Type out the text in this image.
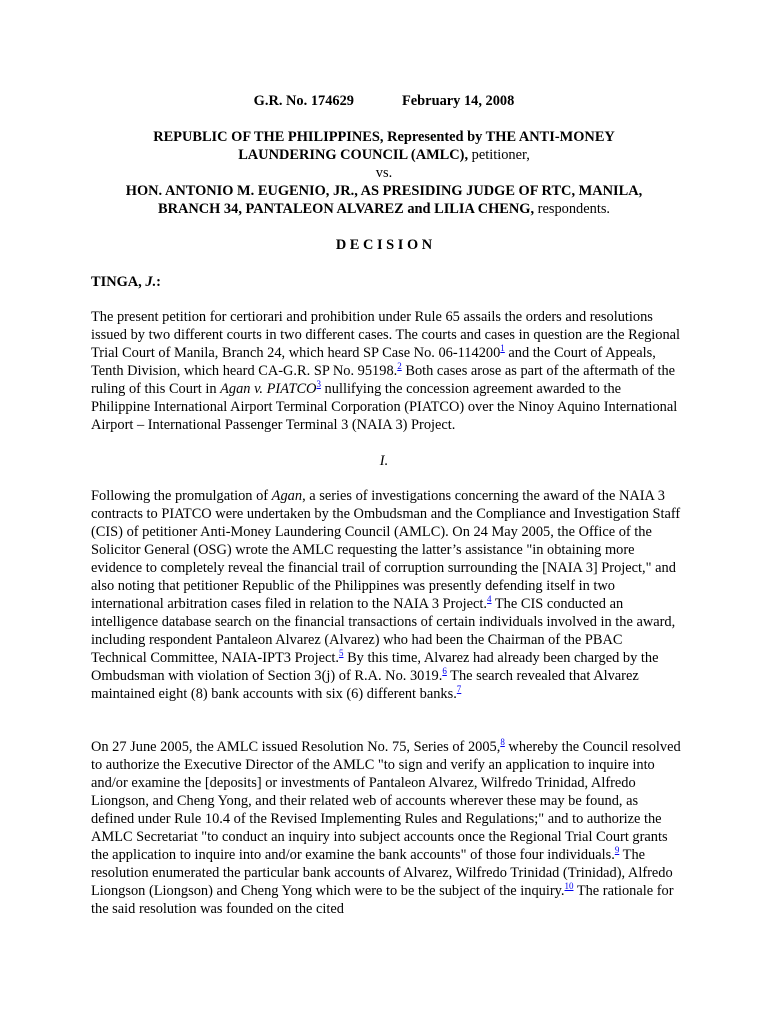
G.R. No. 174629	February 14, 2008
REPUBLIC OF THE PHILIPPINES, Represented by THE ANTI-MONEY
LAUNDERING COUNCIL (AMLC), petitioner,
vs.
HON. ANTONIO M. EUGENIO, JR., AS PRESIDING JUDGE OF RTC, MANILA,
BRANCH 34, PANTALEON ALVAREZ and LILIA CHENG, respondents.
D E C I S I O N
TINGA, J.:
The present petition for certiorari and prohibition under Rule 65 assails the orders and resolutions issued by two different courts in two different cases. The courts and cases in question are the Regional Trial Court of Manila, Branch 24, which heard SP Case No. 06-114200$^1$ and the Court of Appeals, Tenth Division, which heard CA-G.R. SP No. 95198.$^2$ Both cases arose as part of the aftermath of the ruling of this Court in Agan v. PIATCO$^3$ nullifying the concession agreement awarded to the Philippine International Airport Terminal Corporation (PIATCO) over the Ninoy Aquino International Airport – International Passenger Terminal 3 (NAIA 3) Project.
I.
Following the promulgation of Agan, a series of investigations concerning the award of the NAIA 3 contracts to PIATCO were undertaken by the Ombudsman and the Compliance and Investigation Staff (CIS) of petitioner Anti-Money Laundering Council (AMLC). On 24 May 2005, the Office of the Solicitor General (OSG) wrote the AMLC requesting the latter’s assistance "in obtaining more evidence to completely reveal the financial trail of corruption surrounding the [NAIA 3] Project," and also noting that petitioner Republic of the Philippines was presently defending itself in two international arbitration cases filed in relation to the NAIA 3 Project.$^4$ The CIS conducted an intelligence database search on the financial transactions of certain individuals involved in the award, including respondent Pantaleon Alvarez (Alvarez) who had been the Chairman of the PBAC Technical Committee, NAIA-IPT3 Project.$^5$ By this time, Alvarez had already been charged by the Ombudsman with violation of Section 3(j) of R.A. No. 3019.$^6$ The search revealed that Alvarez maintained eight (8) bank accounts with six (6) different banks.$^7$
On 27 June 2005, the AMLC issued Resolution No. 75, Series of 2005,$^8$ whereby the Council resolved to authorize the Executive Director of the AMLC "to sign and verify an application to inquire into and/or examine the [deposits] or investments of Pantaleon Alvarez, Wilfredo Trinidad, Alfredo Liongson, and Cheng Yong, and their related web of accounts wherever these may be found, as defined under Rule 10.4 of the Revised Implementing Rules and Regulations;" and to authorize the AMLC Secretariat "to conduct an inquiry into subject accounts once the Regional Trial Court grants the application to inquire into and/or examine the bank accounts" of those four individuals.$^9$ The resolution enumerated the particular bank accounts of Alvarez, Wilfredo Trinidad (Trinidad), Alfredo Liongson (Liongson) and Cheng Yong which were to be the subject of the inquiry.$^{10}$ The rationale for the said resolution was founded on the cited
